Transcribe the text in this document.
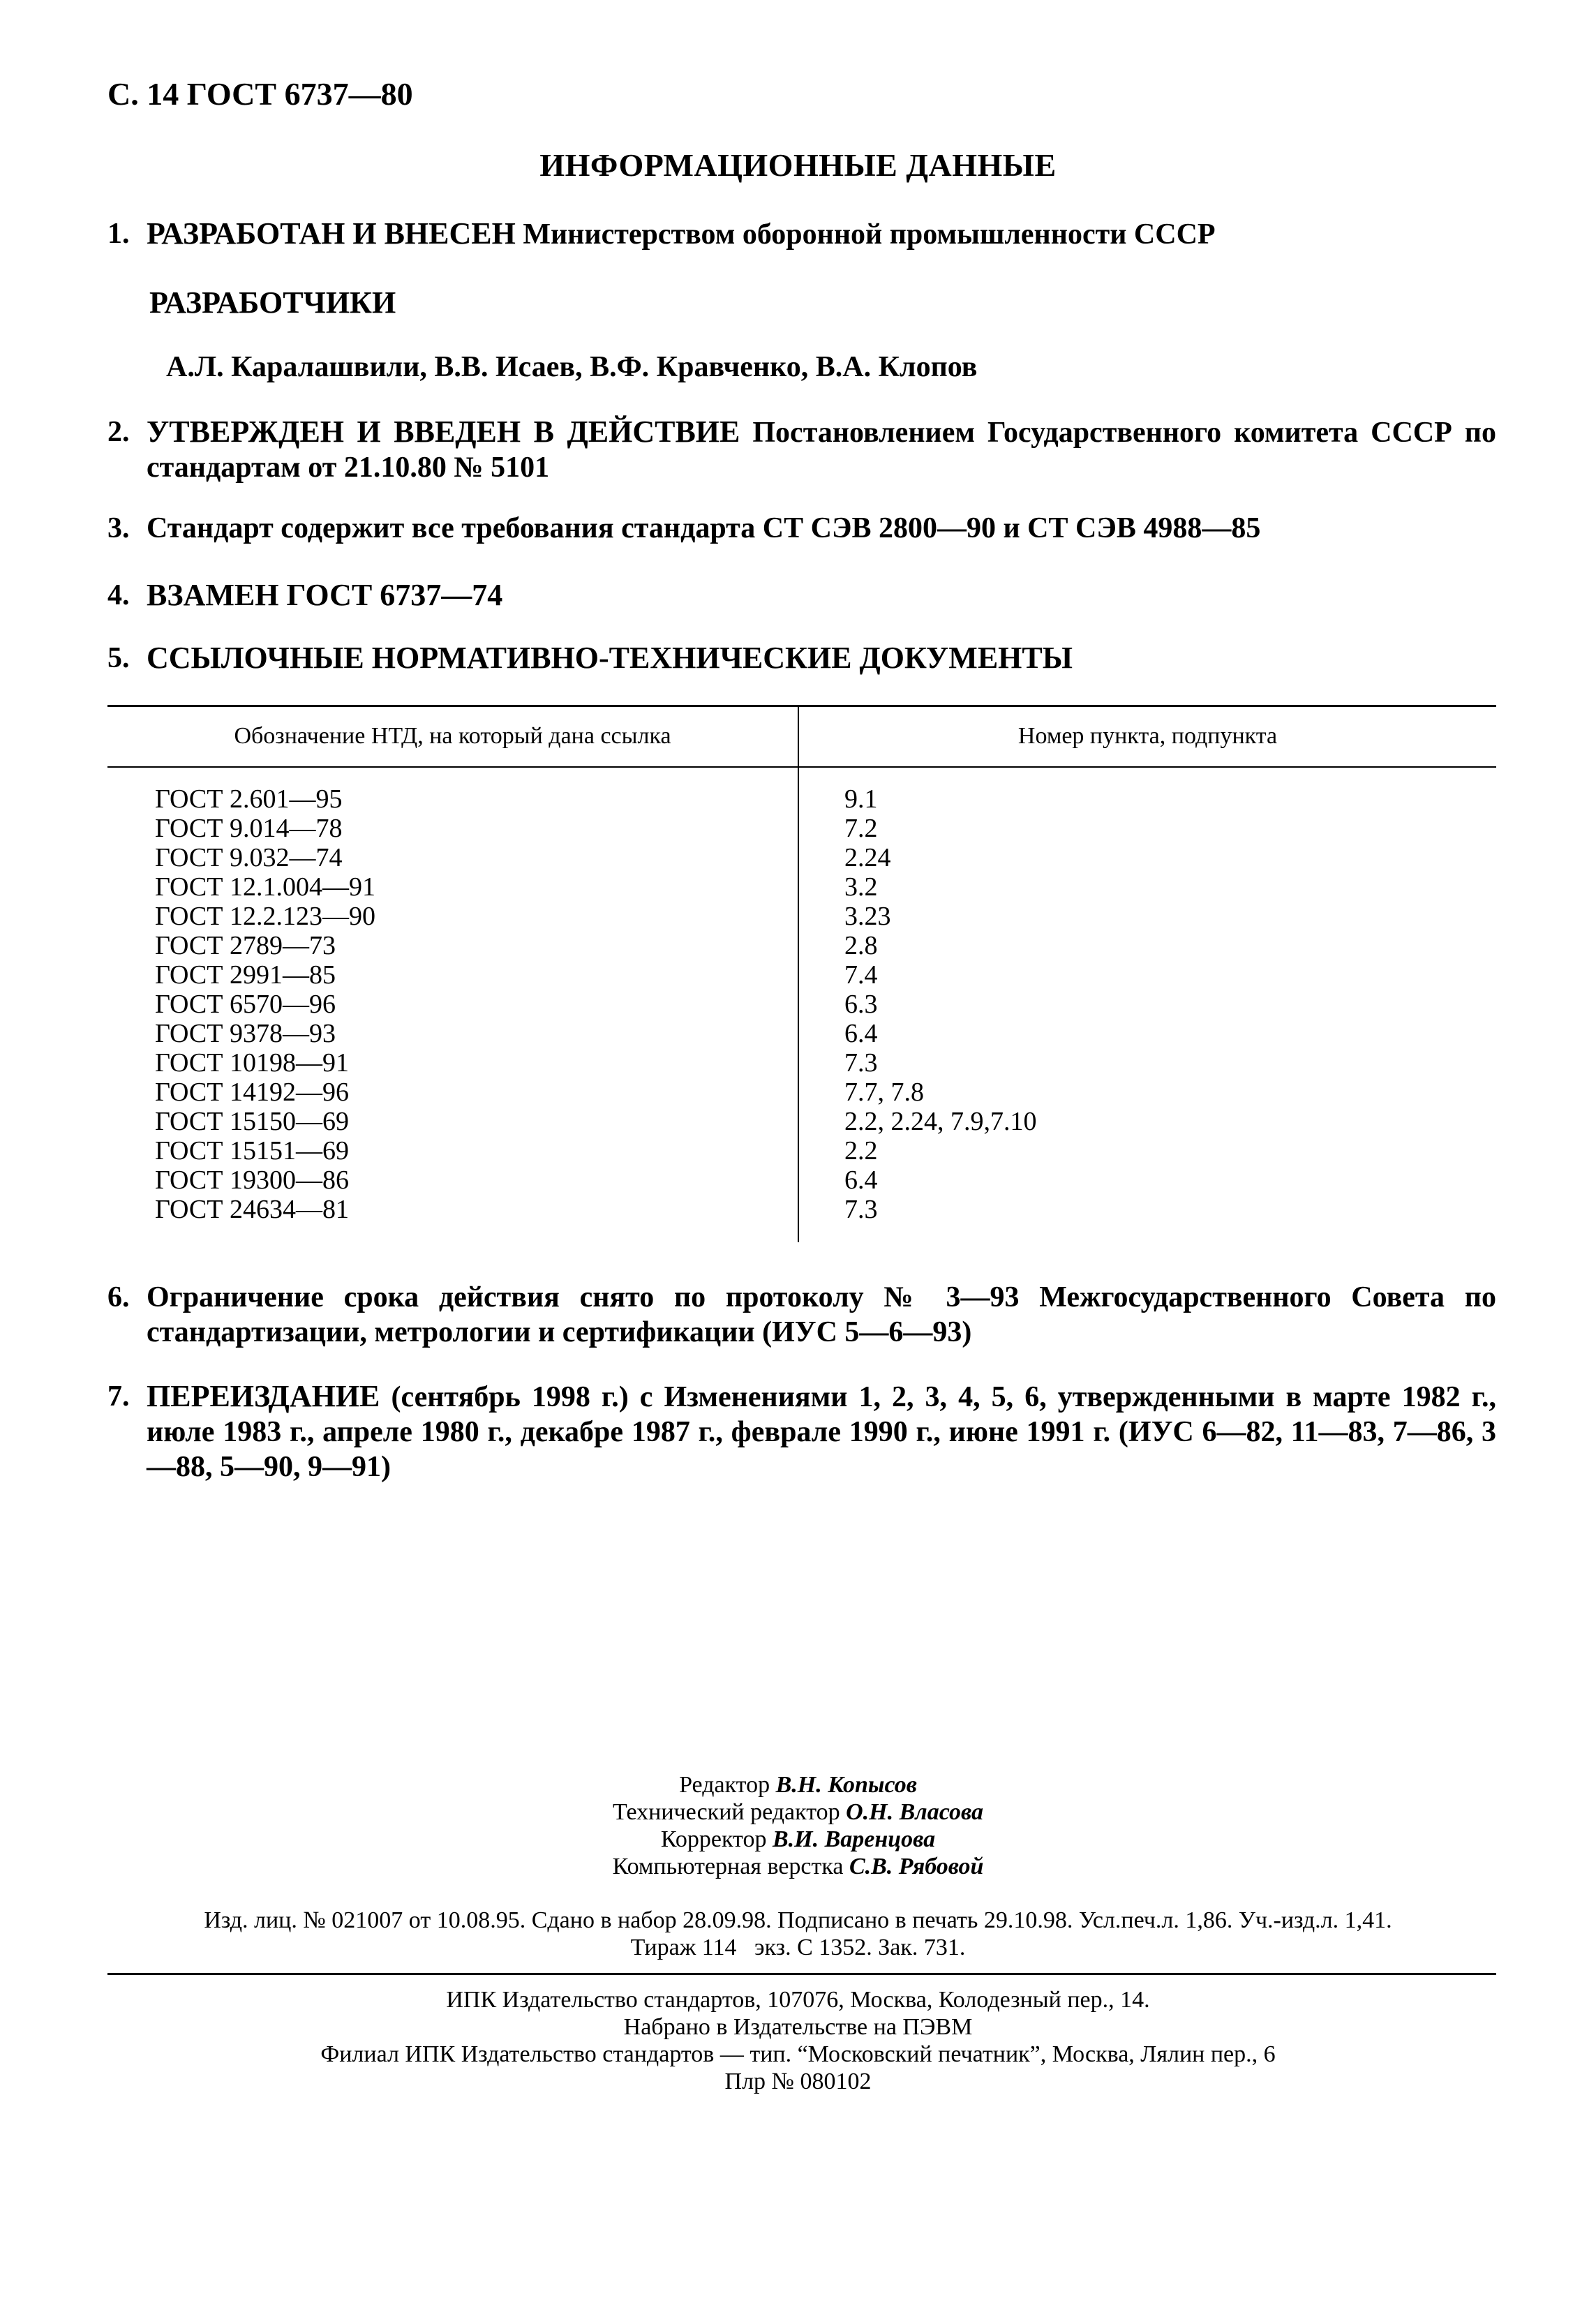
С. 14 ГОСТ 6737—80
ИНФОРМАЦИОННЫЕ ДАННЫЕ
1. РАЗРАБОТАН И ВНЕСЕН Министерством оборонной промышленности СССР
РАЗРАБОТЧИКИ
А.Л. Каралашвили, В.В. Исаев, В.Ф. Кравченко, В.А. Клопов
2. УТВЕРЖДЕН И ВВЕДЕН В ДЕЙСТВИЕ Постановлением Государственного комитета СССР по стандартам от 21.10.80 № 5101
3. Стандарт содержит все требования стандарта СТ СЭВ 2800—90 и СТ СЭВ 4988—85
4. ВЗАМЕН ГОСТ 6737—74
5. ССЫЛОЧНЫЕ НОРМАТИВНО-ТЕХНИЧЕСКИЕ ДОКУМЕНТЫ
Обозначение НТД, на который дана ссылка	Номер пункта, подпункта
ГОСТ 2.601—95
ГОСТ 9.014—78
ГОСТ 9.032—74
ГОСТ 12.1.004—91
ГОСТ 12.2.123—90
ГОСТ 2789—73
ГОСТ 2991—85
ГОСТ 6570—96
ГОСТ 9378—93
ГОСТ 10198—91
ГОСТ 14192—96
ГОСТ 15150—69
ГОСТ 15151—69
ГОСТ 19300—86
ГОСТ 24634—81
9.1
7.2
2.24
3.2
3.23
2.8
7.4
6.3
6.4
7.3
7.7, 7.8
2.2, 2.24, 7.9,7.10
2.2
6.4
7.3
6. Ограничение срока действия снято по протоколу № 3—93 Межгосударственного Совета по стандартизации, метрологии и сертификации (ИУС 5—6—93)
7. ПЕРЕИЗДАНИЕ (сентябрь 1998 г.) с Изменениями 1, 2, 3, 4, 5, 6, утвержденными в марте 1982 г., июле 1983 г., апреле 1980 г., декабре 1987 г., феврале 1990 г., июне 1991 г. (ИУС 6—82, 11—83, 7—86, 3—88, 5—90, 9—91)
Редактор В.Н. Копысов
Технический редактор О.Н. Власова
Корректор В.И. Варенцова
Компьютерная верстка С.В. Рябовой
Изд. лиц. № 021007 от 10.08.95. Сдано в набор 28.09.98. Подписано в печать 29.10.98. Усл.печ.л. 1,86. Уч.-изд.л. 1,41.
Тираж 114   экз. С 1352. Зак. 731.
ИПК Издательство стандартов, 107076, Москва, Колодезный пер., 14.
Набрано в Издательстве на ПЭВМ
Филиал ИПК Издательство стандартов — тип. “Московский печатник”, Москва, Лялин пер., 6
Плр № 080102
